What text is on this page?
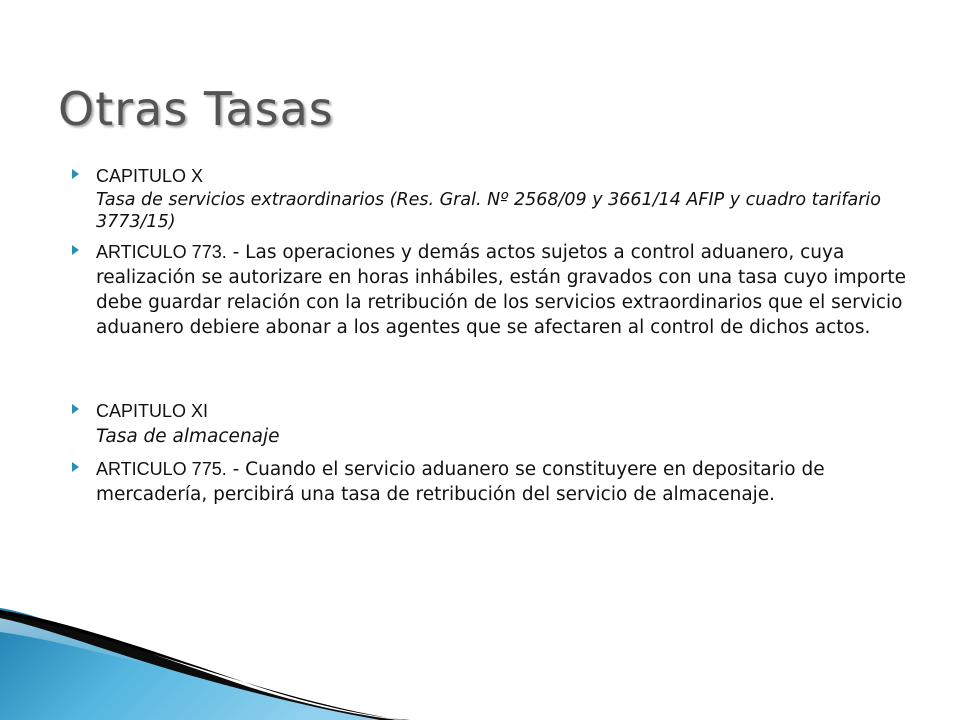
Otras Tasas
CAPITULO X
Tasa de servicios extraordinarios (Res. Gral. Nº 2568/09 y 3661/14 AFIP y cuadro tarifario 3773/15)
ARTICULO 773. - Las operaciones y demás actos sujetos a control aduanero, cuya realización se autorizare en horas inhábiles, están gravados con una tasa cuyo importe debe guardar relación con la retribución de los servicios extraordinarios que el servicio aduanero debiere abonar a los agentes que se afectaren al control de dichos actos.
CAPITULO XI
Tasa de almacenaje
ARTICULO 775. - Cuando el servicio aduanero se constituyere en depositario de mercadería, percibirá una tasa de retribución del servicio de almacenaje.
